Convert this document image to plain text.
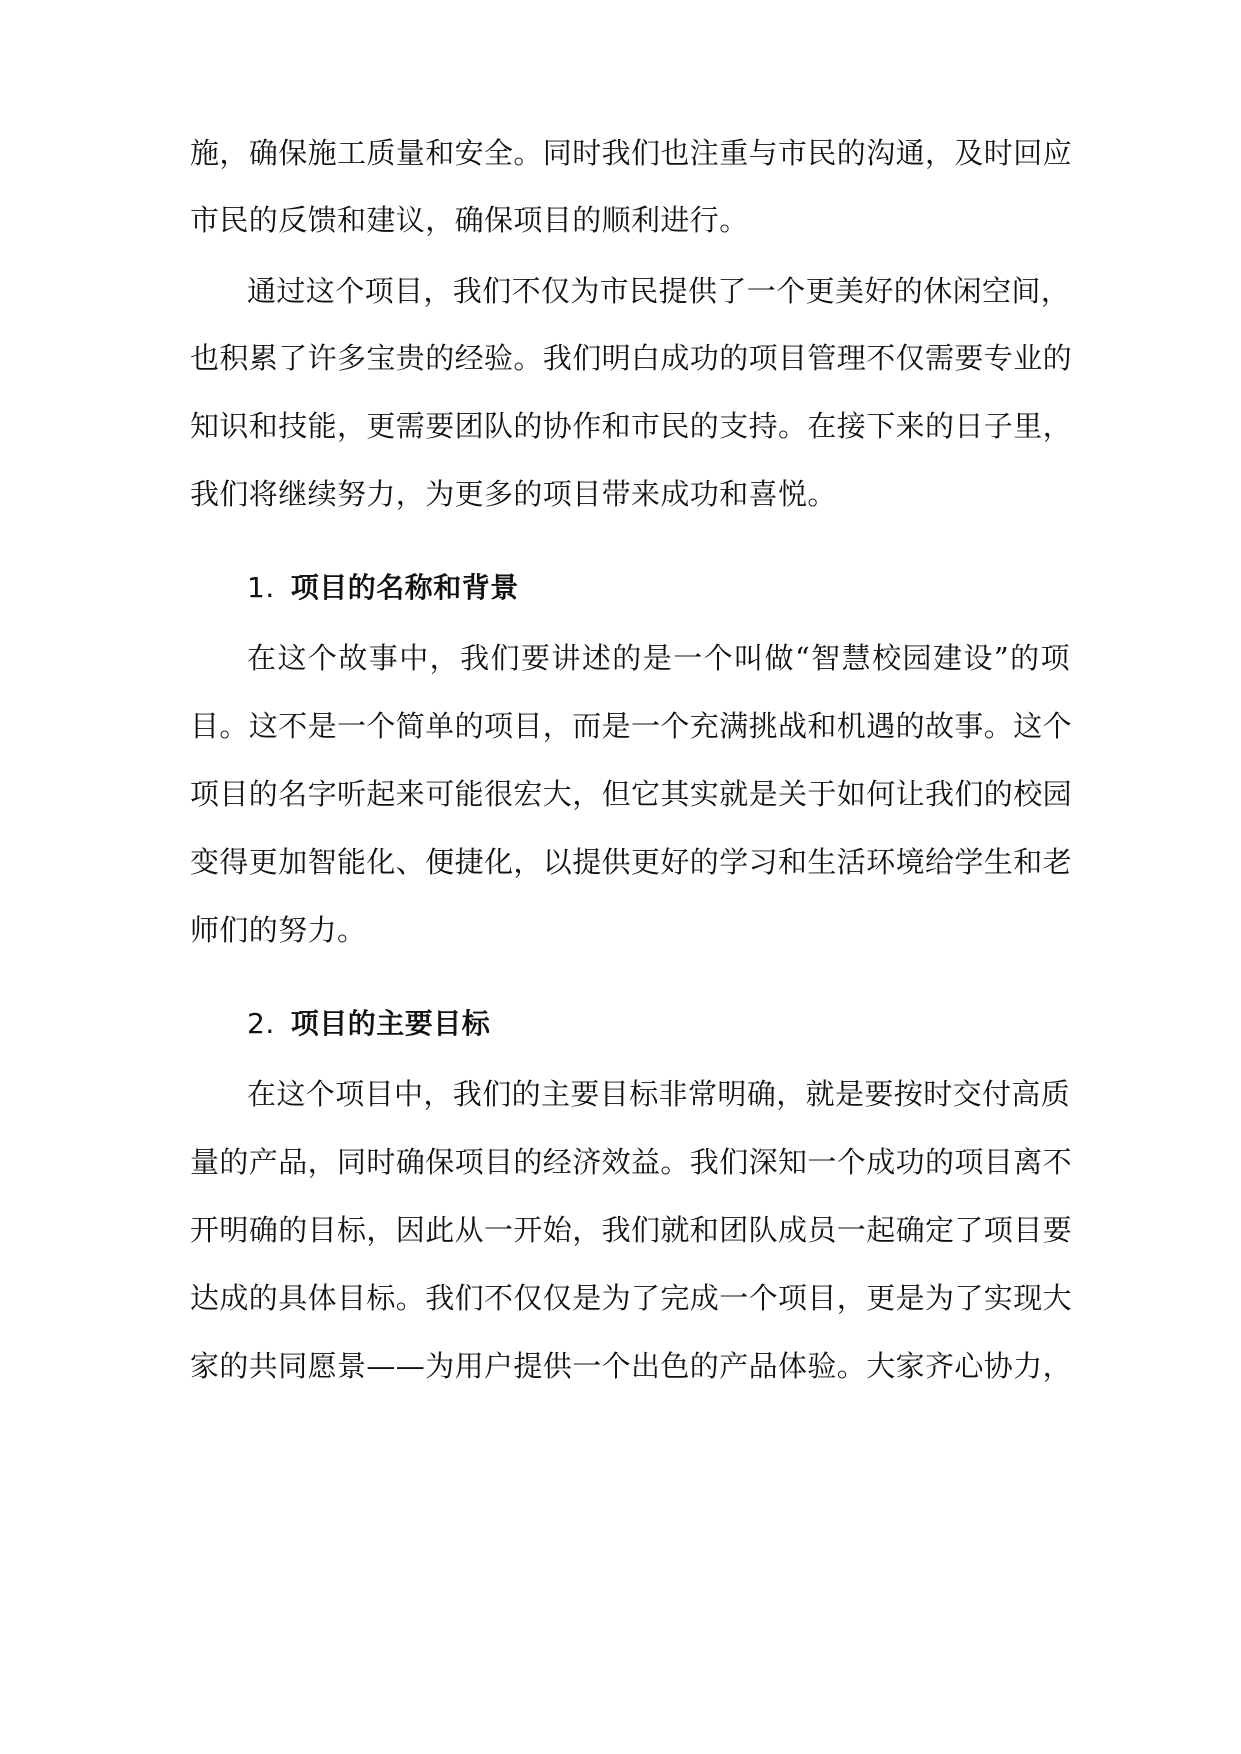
施，确保施工质量和安全。同时我们也注重与市民的沟通，及时回应
市民的反馈和建议，确保项目的顺利进行。
通过这个项目，我们不仅为市民提供了一个更美好的休闲空间，
也积累了许多宝贵的经验。我们明白成功的项目管理不仅需要专业的
知识和技能，更需要团队的协作和市民的支持。在接下来的日子里，
我们将继续努力，为更多的项目带来成功和喜悦。
1. 项目的名称和背景
在这个故事中，我们要讲述的是一个叫做“智慧校园建设”的项
目。这不是一个简单的项目，而是一个充满挑战和机遇的故事。这个
项目的名字听起来可能很宏大，但它其实就是关于如何让我们的校园
变得更加智能化、便捷化，以提供更好的学习和生活环境给学生和老
师们的努力。
2. 项目的主要目标
在这个项目中，我们的主要目标非常明确，就是要按时交付高质
量的产品，同时确保项目的经济效益。我们深知一个成功的项目离不
开明确的目标，因此从一开始，我们就和团队成员一起确定了项目要
达成的具体目标。我们不仅仅是为了完成一个项目，更是为了实现大
家的共同愿景——为用户提供一个出色的产品体验。大家齐心协力，
